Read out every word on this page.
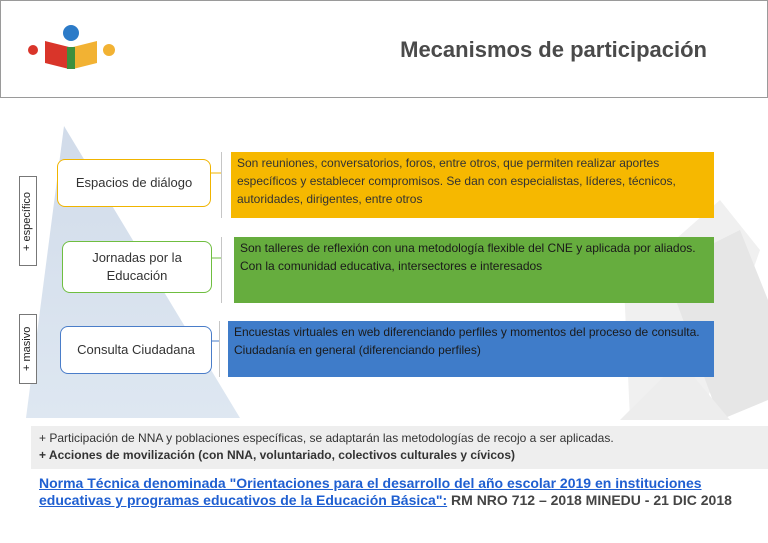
Mecanismos de participación
+ específico
+ masivo
Espacios de diálogo
Jornadas por la Educación
Consulta Ciudadana
Son reuniones, conversatorios, foros, entre otros, que permiten realizar aportes específicos y establecer compromisos. Se dan con especialistas, líderes, técnicos, autoridades, dirigentes, entre otros
Son talleres de reflexión con una metodología flexible del CNE y aplicada por aliados. Con la comunidad educativa, intersectores e interesados
Encuestas virtuales en web diferenciando perfiles y momentos del proceso de consulta. Ciudadanía en general (diferenciando perfiles)
+ Participación de NNA y poblaciones específicas, se adaptarán las metodologías de recojo a ser aplicadas.
+ Acciones de movilización (con NNA, voluntariado, colectivos culturales y cívicos)
Norma Técnica denominada "Orientaciones para el desarrollo del año escolar 2019 en instituciones educativas y programas educativos de la Educación Básica": RM NRO 712 – 2018 MINEDU - 21 DIC 2018
